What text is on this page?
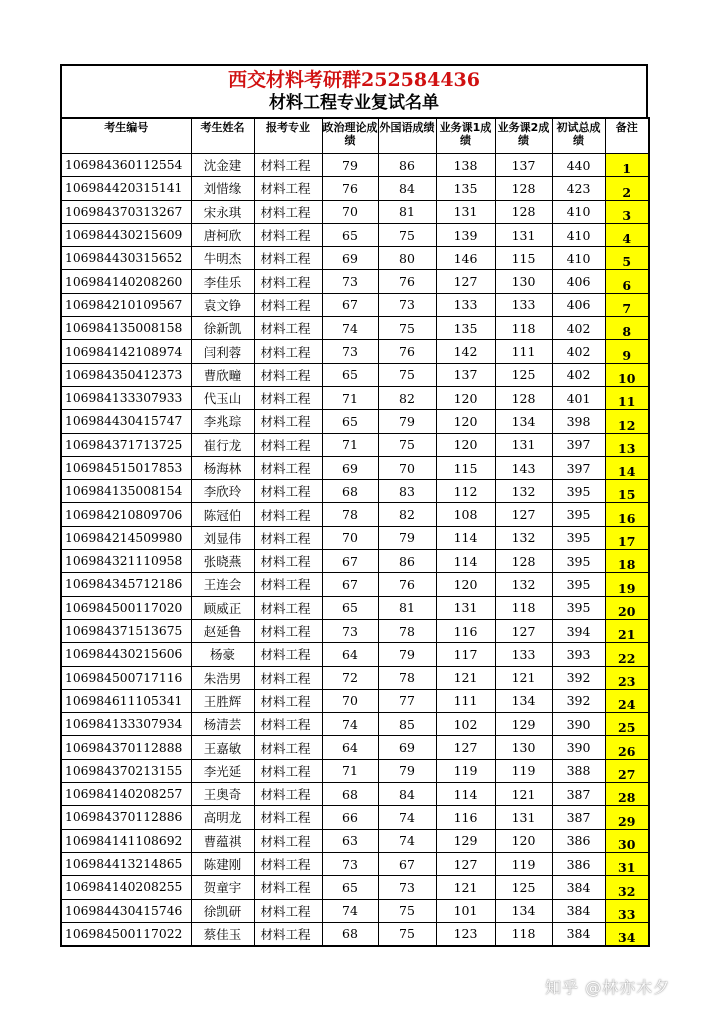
西交材料考研群252584436
材料工程专业复试名单
考生编号	考生姓名	报考专业	政治理论成绩	外国语成绩	业务课1成绩	业务课2成绩	初试总成绩	备注
106984360112554	沈金建	材料工程	79	86	138	137	440	1
106984420315141	刘惜缘	材料工程	76	84	135	128	423	2
106984370313267	宋永琪	材料工程	70	81	131	128	410	3
106984430215609	唐柯欣	材料工程	65	75	139	131	410	4
106984430315652	牛明杰	材料工程	69	80	146	115	410	5
106984140208260	李佳乐	材料工程	73	76	127	130	406	6
106984210109567	袁文铮	材料工程	67	73	133	133	406	7
106984135008158	徐新凯	材料工程	74	75	135	118	402	8
106984142108974	闫利蓉	材料工程	73	76	142	111	402	9
106984350412373	曹欣疃	材料工程	65	75	137	125	402	10
106984133307933	代玉山	材料工程	71	82	120	128	401	11
106984430415747	李兆琮	材料工程	65	79	120	134	398	12
106984371713725	崔行龙	材料工程	71	75	120	131	397	13
106984515017853	杨海林	材料工程	69	70	115	143	397	14
106984135008154	李欣玲	材料工程	68	83	112	132	395	15
106984210809706	陈冠伯	材料工程	78	82	108	127	395	16
106984214509980	刘显伟	材料工程	70	79	114	132	395	17
106984321110958	张晓燕	材料工程	67	86	114	128	395	18
106984345712186	王连会	材料工程	67	76	120	132	395	19
106984500117020	顾威正	材料工程	65	81	131	118	395	20
106984371513675	赵延鲁	材料工程	73	78	116	127	394	21
106984430215606	杨豪	材料工程	64	79	117	133	393	22
106984500717116	朱浩男	材料工程	72	78	121	121	392	23
106984611105341	王胜辉	材料工程	70	77	111	134	392	24
106984133307934	杨清芸	材料工程	74	85	102	129	390	25
106984370112888	王嘉敏	材料工程	64	69	127	130	390	26
106984370213155	李光延	材料工程	71	79	119	119	388	27
106984140208257	王奥奇	材料工程	68	84	114	121	387	28
106984370112886	高明龙	材料工程	66	74	116	131	387	29
106984141108692	曹蕴祺	材料工程	63	74	129	120	386	30
106984413214865	陈建刚	材料工程	73	67	127	119	386	31
106984140208255	贺童宇	材料工程	65	73	121	125	384	32
106984430415746	徐凯研	材料工程	74	75	101	134	384	33
106984500117022	蔡佳玉	材料工程	68	75	123	118	384	34
知乎 @林亦木夕
